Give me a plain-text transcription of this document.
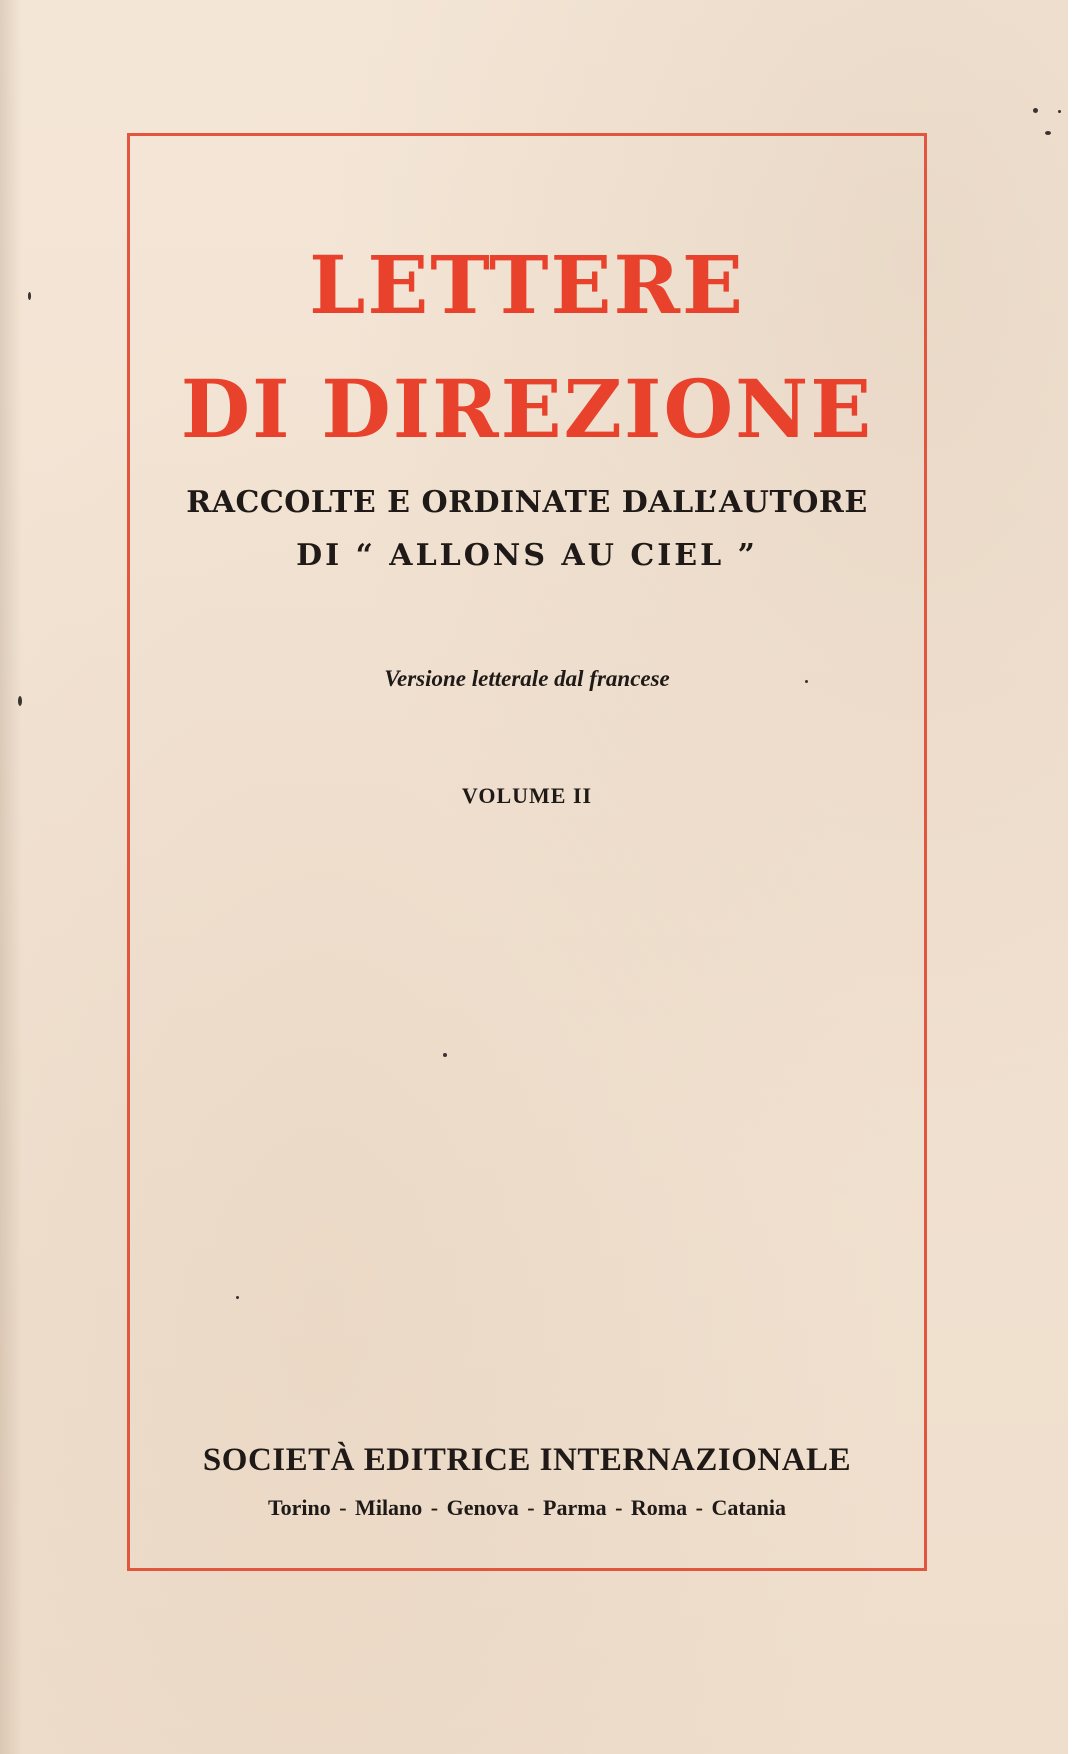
LETTERE
DI DIREZIONE
RACCOLTE E ORDINATE DALL’AUTORE
DI “ ALLONS AU CIEL ”
Versione letterale dal francese
VOLUME II
SOCIETÀ EDITRICE INTERNAZIONALE
Torino - Milano - Genova - Parma - Roma - Catania
